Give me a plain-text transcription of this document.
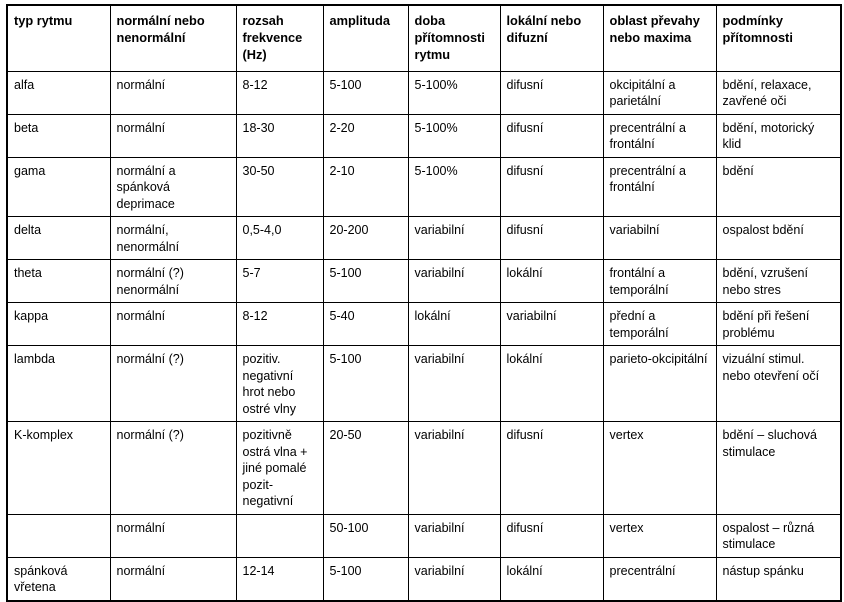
typ rytmu	normální nebo nenormální	rozsah frekvence (Hz)	amplituda	doba přítomnosti rytmu	lokální nebo difuzní	oblast převahy nebo maxima	podmínky přítomnosti
alfa	normální	8-12	5-100	5-100%	difusní	okcipitální a parietální	bdění, relaxace, zavřené oči
beta	normální	18-30	2-20	5-100%	difusní	precentrální a frontální	bdění, motorický klid
gama	normální a spánková deprimace	30-50	2-10	5-100%	difusní	precentrální a frontální	bdění
delta	normální, nenormální	0,5-4,0	20-200	variabilní	difusní	variabilní	ospalost bdění
theta	normální (?) nenormální	5-7	5-100	variabilní	lokální	frontální a temporální	bdění, vzrušení nebo stres
kappa	normální	8-12	5-40	lokální	variabilní	přední a temporální	bdění při řešení problému
lambda	normální (?)	pozitiv. negativní hrot nebo ostré vlny	5-100	variabilní	lokální	parieto-okcipitální	vizuální stimul. nebo otevření očí
K-komplex	normální (?)	pozitivně ostrá vlna + jiné pomalé pozit-negativní	20-50	variabilní	difusní	vertex	bdění – sluchová stimulace
	normální		50-100	variabilní	difusní	vertex	ospalost – různá stimulace
spánková vřetena	normální	12-14	5-100	variabilní	lokální	precentrální	nástup spánku
